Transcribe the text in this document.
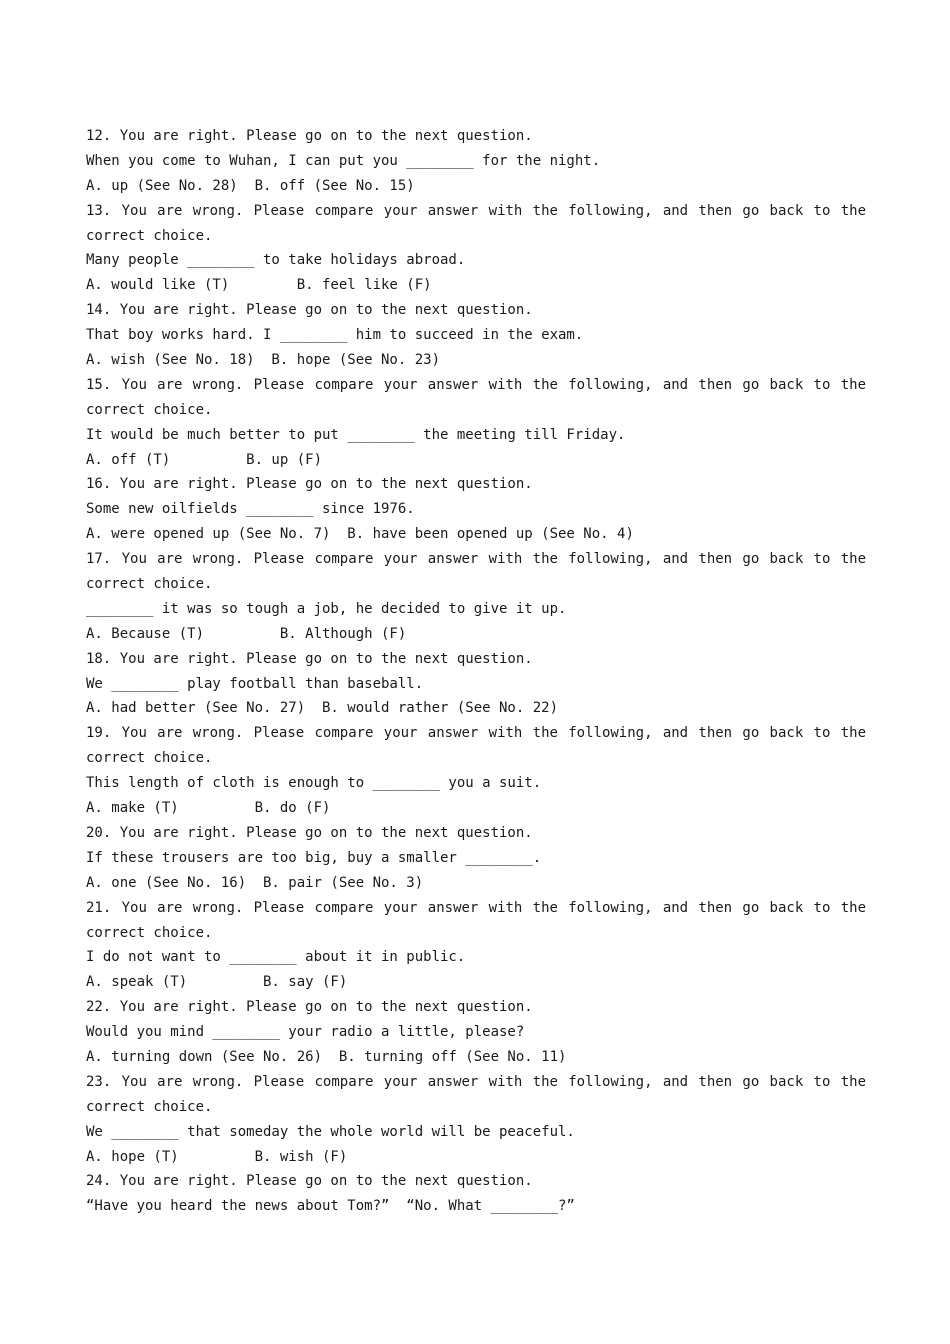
12. You are right. Please go on to the next question.
When you come to Wuhan, I can put you ________ for the night.
A. up (See No. 28)  B. off (See No. 15)
13. You are wrong. Please compare your answer with the following, and then go back to the
correct choice.
Many people ________ to take holidays abroad.
A. would like (T)        B. feel like (F)
14. You are right. Please go on to the next question.
That boy works hard. I ________ him to succeed in the exam.
A. wish (See No. 18)  B. hope (See No. 23)
15. You are wrong. Please compare your answer with the following, and then go back to the
correct choice.
It would be much better to put ________ the meeting till Friday.
A. off (T)         B. up (F)
16. You are right. Please go on to the next question.
Some new oilfields ________ since 1976.
A. were opened up (See No. 7)  B. have been opened up (See No. 4)
17. You are wrong. Please compare your answer with the following, and then go back to the
correct choice.
________ it was so tough a job, he decided to give it up.
A. Because (T)         B. Although (F)
18. You are right. Please go on to the next question.
We ________ play football than baseball.
A. had better (See No. 27)  B. would rather (See No. 22)
19. You are wrong. Please compare your answer with the following, and then go back to the
correct choice.
This length of cloth is enough to ________ you a suit.
A. make (T)         B. do (F)
20. You are right. Please go on to the next question.
If these trousers are too big, buy a smaller ________.
A. one (See No. 16)  B. pair (See No. 3)
21. You are wrong. Please compare your answer with the following, and then go back to the
correct choice.
I do not want to ________ about it in public.
A. speak (T)         B. say (F)
22. You are right. Please go on to the next question.
Would you mind ________ your radio a little, please?
A. turning down (See No. 26)  B. turning off (See No. 11)
23. You are wrong. Please compare your answer with the following, and then go back to the
correct choice.
We ________ that someday the whole world will be peaceful.
A. hope (T)         B. wish (F)
24. You are right. Please go on to the next question.
“Have you heard the news about Tom?”  “No. What ________?”
